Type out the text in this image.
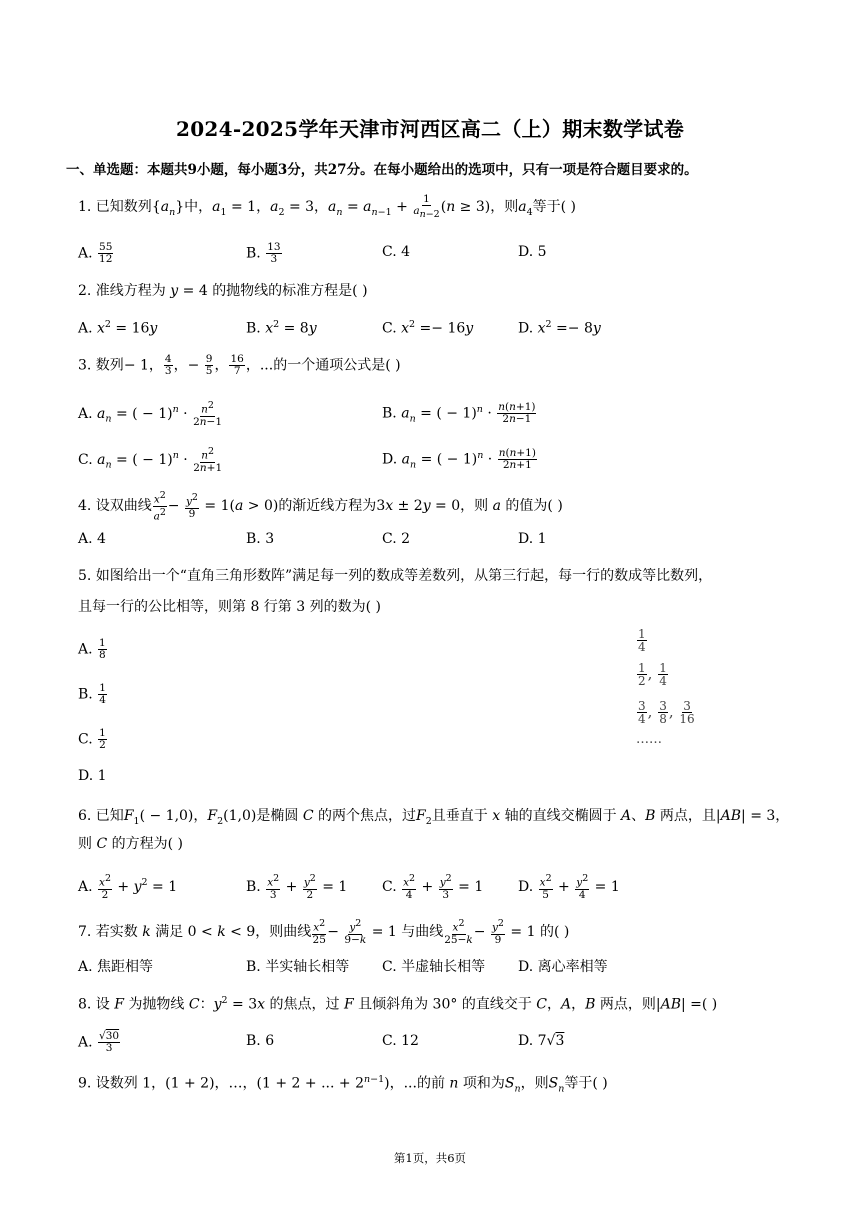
2024-2025学年天津市河西区高二（上）期末数学试卷
一、单选题：本题共9小题，每小题3分，共27分。在每小题给出的选项中，只有一项是符合题目要求的。
1. 已知数列$\{a_n\}$中，$a_1 = 1$，$a_2 = 3$，$a_n = a_{n-1} + \frac{1}{a_{n-2}} (n \ge 3)$，则$a_4$等于( )
A. $\frac{55}{12}$	B. $\frac{13}{3}$	C. 4	D. 5
2. 准线方程为 y = 4 的抛物线的标准方程是( )
A. $x^2 = 16y$	B. $x^2 = 8y$	C. $x^2 =- 16y$	D. $x^2 =- 8y$
3. 数列− 1， $\frac{4}{3}$ ，− $\frac{9}{5}$ ， $\frac{16}{7}$ ，...的一个通项公式是( )
A. $a_n$ = ( − $1)^n \cdot \frac{n^2}{2n-1}$	B. $a_n$ = ( − $1)^n \cdot \frac{n(n+1)}{2n-1}$
C. $a_n$ = ( − $1)^n \cdot \frac{n^2}{2n+1}$	D. $a_n$ = ( − $1)^n \cdot \frac{n(n+1)}{2n+1}$
4. 设双曲线 $\frac{x^2}{a^2} - \frac{y^2}{9} = 1(a > 0)$的渐近线方程为3x ± 2y = 0，则 a 的值为( )
A. 4	B. 3	C. 2	D. 1
5. 如图给出一个“直角三角形数阵”满足每一列的数成等差数列，从第三行起，每一行的数成等比数列，
且每一行的公比相等，则第 8 行第 3 列的数为( )
A. $\frac{1}{8}$
B. $\frac{1}{4}$
C. $\frac{1}{2}$
D. 1
$\frac{1}{4}$
$\frac{1}{2}$ , $\frac{1}{4}$
$\frac{3}{4}$ , $\frac{3}{8}$ , $\frac{3}{16}$
……
6. 已知$F_1( - 1,0)$，$F_2(1,0)$是椭圆 C 的两个焦点，过$F_2$且垂直于 x 轴的直线交椭圆于 A、B 两点，且|AB| = 3，
则 C 的方程为( )
A. $\frac{x^2}{2} + y^2 = 1$	B. $\frac{x^2}{3} + \frac{y^2}{2} = 1$ C. $\frac{x^2}{4} + \frac{y^2}{3} = 1$ D. $\frac{x^2}{5} + \frac{y^2}{4} = 1$
7. 若实数 k 满足 0 < k < 9，则曲线 $\frac{x^2}{25} - \frac{y^2}{9-k} = 1$ 与曲线 $\frac{x^2}{25-k} - \frac{y^2}{9} = 1$ 的( )
A. 焦距相等	B. 半实轴长相等 C. 半虚轴长相等 D. 离心率相等
8. 设 F 为抛物线 C：$y^2 = 3x$ 的焦点，过 F 且倾斜角为 30° 的直线交于 C，A，B 两点，则|AB| =( )
A. $\frac{√30}{3}$	B. 6	C. 12	D. 7√3
9. 设数列 1，(1 + 2)，…，(1 + 2 + ... + $2^{n-1}$)，...的前 n 项和为$S_n$，则$S_n$等于( )
第1页，共6页
